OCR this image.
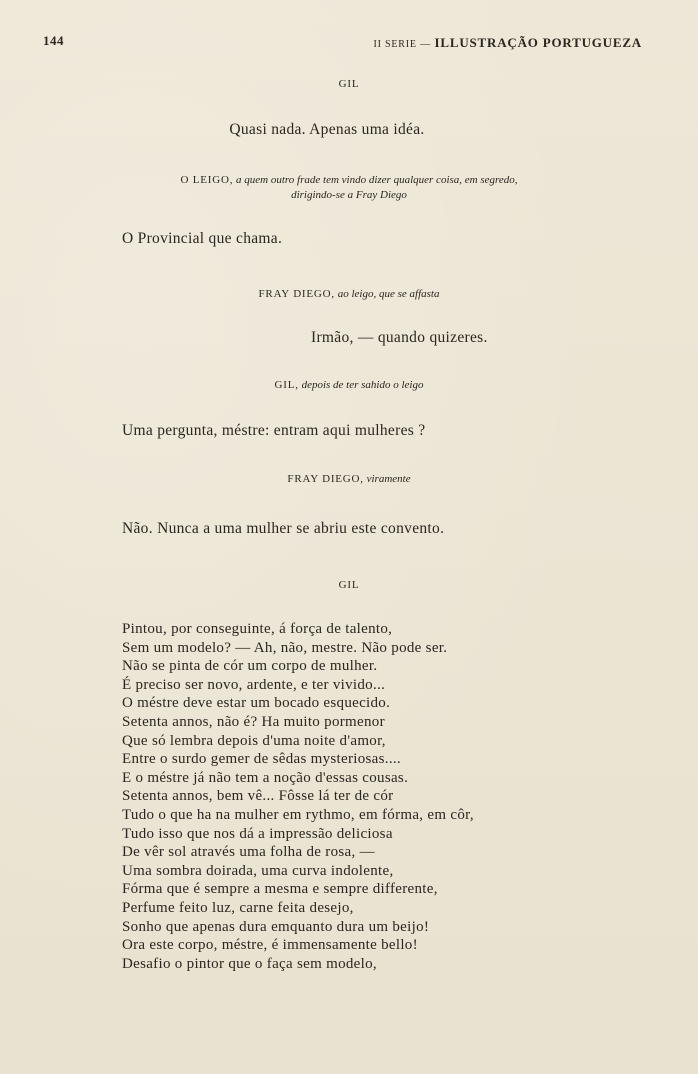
144	II SERIE — ILLUSTRAÇÃO PORTUGUEZA
GIL
Quasi nada. Apenas uma idéa.
O LEIGO, a quem outro frade tem vindo dizer qualquer coisa, em segredo,
dirigindo-se a Fray Diego
O Provincial que chama.
FRAY DIEGO, ao leigo, que se affasta
Irmão, — quando quizeres.
GIL, depois de ter sahido o leigo
Uma pergunta, méstre: entram aqui mulheres ?
FRAY DIEGO, viramente
Não. Nunca a uma mulher se abriu este convento.
GIL
Pintou, por conseguinte, á força de talento,
Sem um modelo? — Ah, não, mestre. Não pode ser.
Não se pinta de cór um corpo de mulher.
É preciso ser novo, ardente, e ter vivido...
O méstre deve estar um bocado esquecido.
Setenta annos, não é? Ha muito pormenor
Que só lembra depois d'uma noite d'amor,
Entre o surdo gemer de sêdas mysteriosas....
E o méstre já não tem a noção d'essas cousas.
Setenta annos, bem vê... Fôsse lá ter de cór
Tudo o que ha na mulher em rythmo, em fórma, em côr,
Tudo isso que nos dá a impressão deliciosa
De vêr sol através uma folha de rosa, —
Uma sombra doirada, uma curva indolente,
Fórma que é sempre a mesma e sempre differente,
Perfume feito luz, carne feita desejo,
Sonho que apenas dura emquanto dura um beijo!
Ora este corpo, méstre, é immensamente bello!
Desafio o pintor que o faça sem modelo,
